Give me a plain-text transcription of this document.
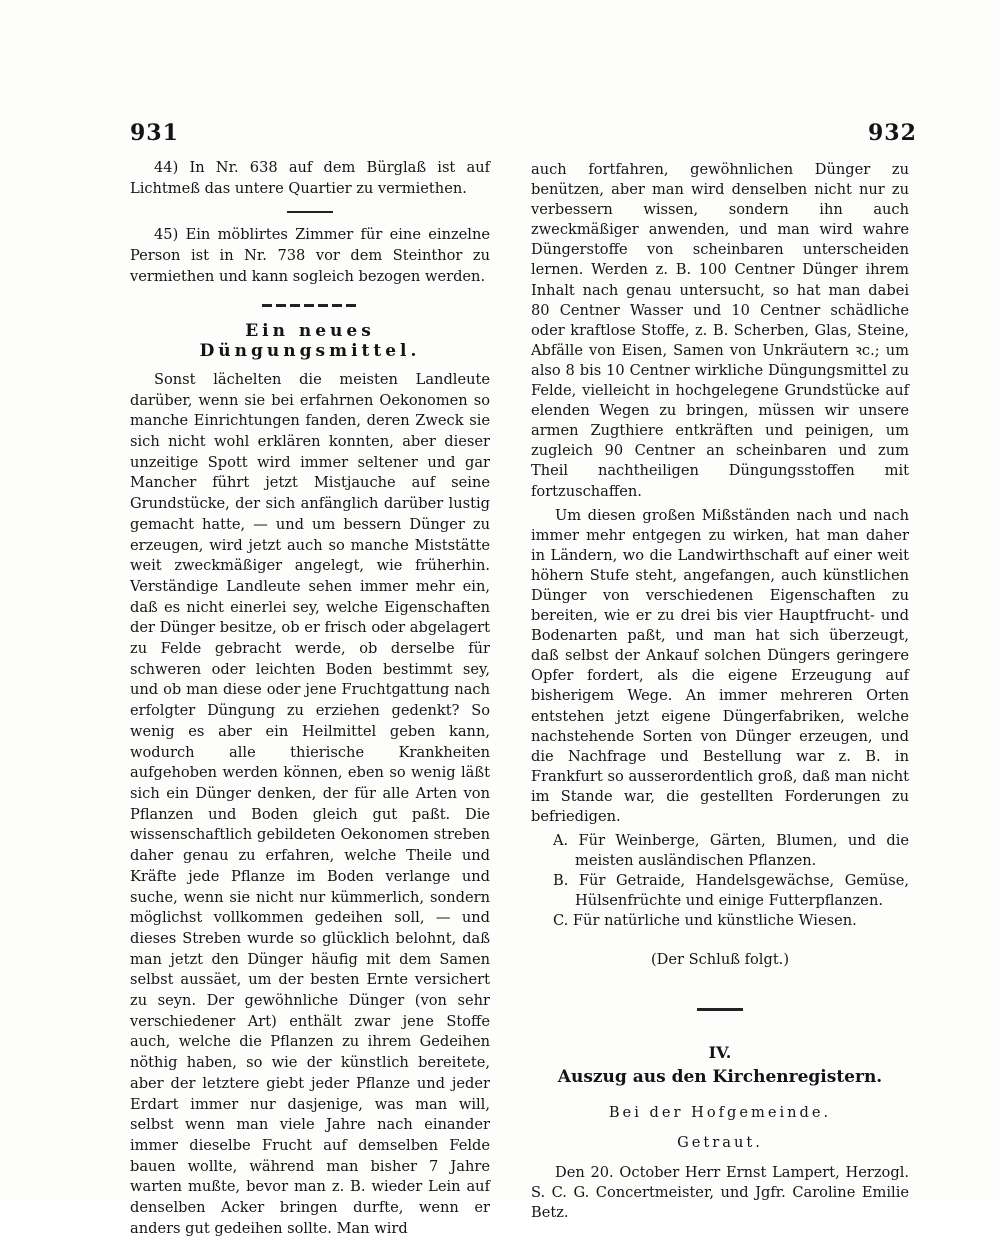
931	932

44) In Nr. 638 auf dem Bürglaß ist auf Lichtmeß das untere Quartier zu vermiethen.

45) Ein möblirtes Zimmer für eine einzelne Person ist in Nr. 738 vor dem Steinthor zu vermiethen und kann sogleich bezogen werden.

Ein neues Düngungsmittel.

Sonst lächelten die meisten Landleute darüber, wenn sie bei erfahrnen Oekonomen so manche Einrichtungen fanden, deren Zweck sie sich nicht wohl erklären konnten, aber dieser unzeitige Spott wird immer seltener und gar Mancher führt jetzt Mistjauche auf seine Grundstücke, der sich anfänglich darüber lustig gemacht hatte, — und um bessern Dünger zu erzeugen, wird jetzt auch so manche Miststätte weit zweckmäßiger angelegt, wie früherhin. Verständige Landleute sehen immer mehr ein, daß es nicht einerlei sey, welche Eigenschaften der Dünger besitze, ob er frisch oder abgelagert zu Felde gebracht werde, ob derselbe für schweren oder leichten Boden bestimmt sey, und ob man diese oder jene Fruchtgattung nach erfolgter Düngung zu erziehen gedenkt? So wenig es aber ein Heilmittel geben kann, wodurch alle thierische Krankheiten aufgehoben werden können, eben so wenig läßt sich ein Dünger denken, der für alle Arten von Pflanzen und Boden gleich gut paßt. Die wissenschaftlich gebildeten Oekonomen streben daher genau zu erfahren, welche Theile und Kräfte jede Pflanze im Boden verlange und suche, wenn sie nicht nur kümmerlich, sondern möglichst vollkommen gedeihen soll, — und dieses Streben wurde so glücklich belohnt, daß man jetzt den Dünger häufig mit dem Samen selbst aussäet, um der besten Ernte versichert zu seyn. Der gewöhnliche Dünger (von sehr verschiedener Art) enthält zwar jene Stoffe auch, welche die Pflanzen zu ihrem Gedeihen nöthig haben, so wie der künstlich bereitete, aber der letztere giebt jeder Pflanze und jeder Erdart immer nur dasjenige, was man will, selbst wenn man viele Jahre nach einander immer dieselbe Frucht auf demselben Felde bauen wollte, während man bisher 7 Jahre warten mußte, bevor man z. B. wieder Lein auf denselben Acker bringen durfte, wenn er anders gut gedeihen sollte. Man wird

auch fortfahren, gewöhnlichen Dünger zu benützen, aber man wird denselben nicht nur zu verbessern wissen, sondern ihn auch zweckmäßiger anwenden, und man wird wahre Düngerstoffe von scheinbaren unterscheiden lernen. Werden z. B. 100 Centner Dünger ihrem Inhalt nach genau untersucht, so hat man dabei 80 Centner Wasser und 10 Centner schädliche oder kraftlose Stoffe, z. B. Scherben, Glas, Steine, Abfälle von Eisen, Samen von Unkräutern ꝛc.; um also 8 bis 10 Centner wirkliche Düngungsmittel zu Felde, vielleicht in hochgelegene Grundstücke auf elenden Wegen zu bringen, müssen wir unsere armen Zugthiere entkräften und peinigen, um zugleich 90 Centner an scheinbaren und zum Theil nachtheiligen Düngungsstoffen mit fortzuschaffen.

Um diesen großen Mißständen nach und nach immer mehr entgegen zu wirken, hat man daher in Ländern, wo die Landwirthschaft auf einer weit höhern Stufe steht, angefangen, auch künstlichen Dünger von verschiedenen Eigenschaften zu bereiten, wie er zu drei bis vier Hauptfrucht- und Bodenarten paßt, und man hat sich überzeugt, daß selbst der Ankauf solchen Düngers geringere Opfer fordert, als die eigene Erzeugung auf bisherigem Wege. An immer mehreren Orten entstehen jetzt eigene Düngerfabriken, welche nachstehende Sorten von Dünger erzeugen, und die Nachfrage und Bestellung war z. B. in Frankfurt so ausserordentlich groß, daß man nicht im Stande war, die gestellten Forderungen zu befriedigen.

A. Für Weinberge, Gärten, Blumen, und die meisten ausländischen Pflanzen.

B. Für Getraide, Handelsgewächse, Gemüse, Hülsenfrüchte und einige Futterpflanzen.

C. Für natürliche und künstliche Wiesen.

(Der Schluß folgt.)
IV.
Auszug aus den Kirchenregistern.
Bei der Hofgemeinde.
Getraut.

Den 20. October Herr Ernst Lampert, Herzogl. S. C. G. Concertmeister, und Jgfr. Caroline Emilie Betz.
